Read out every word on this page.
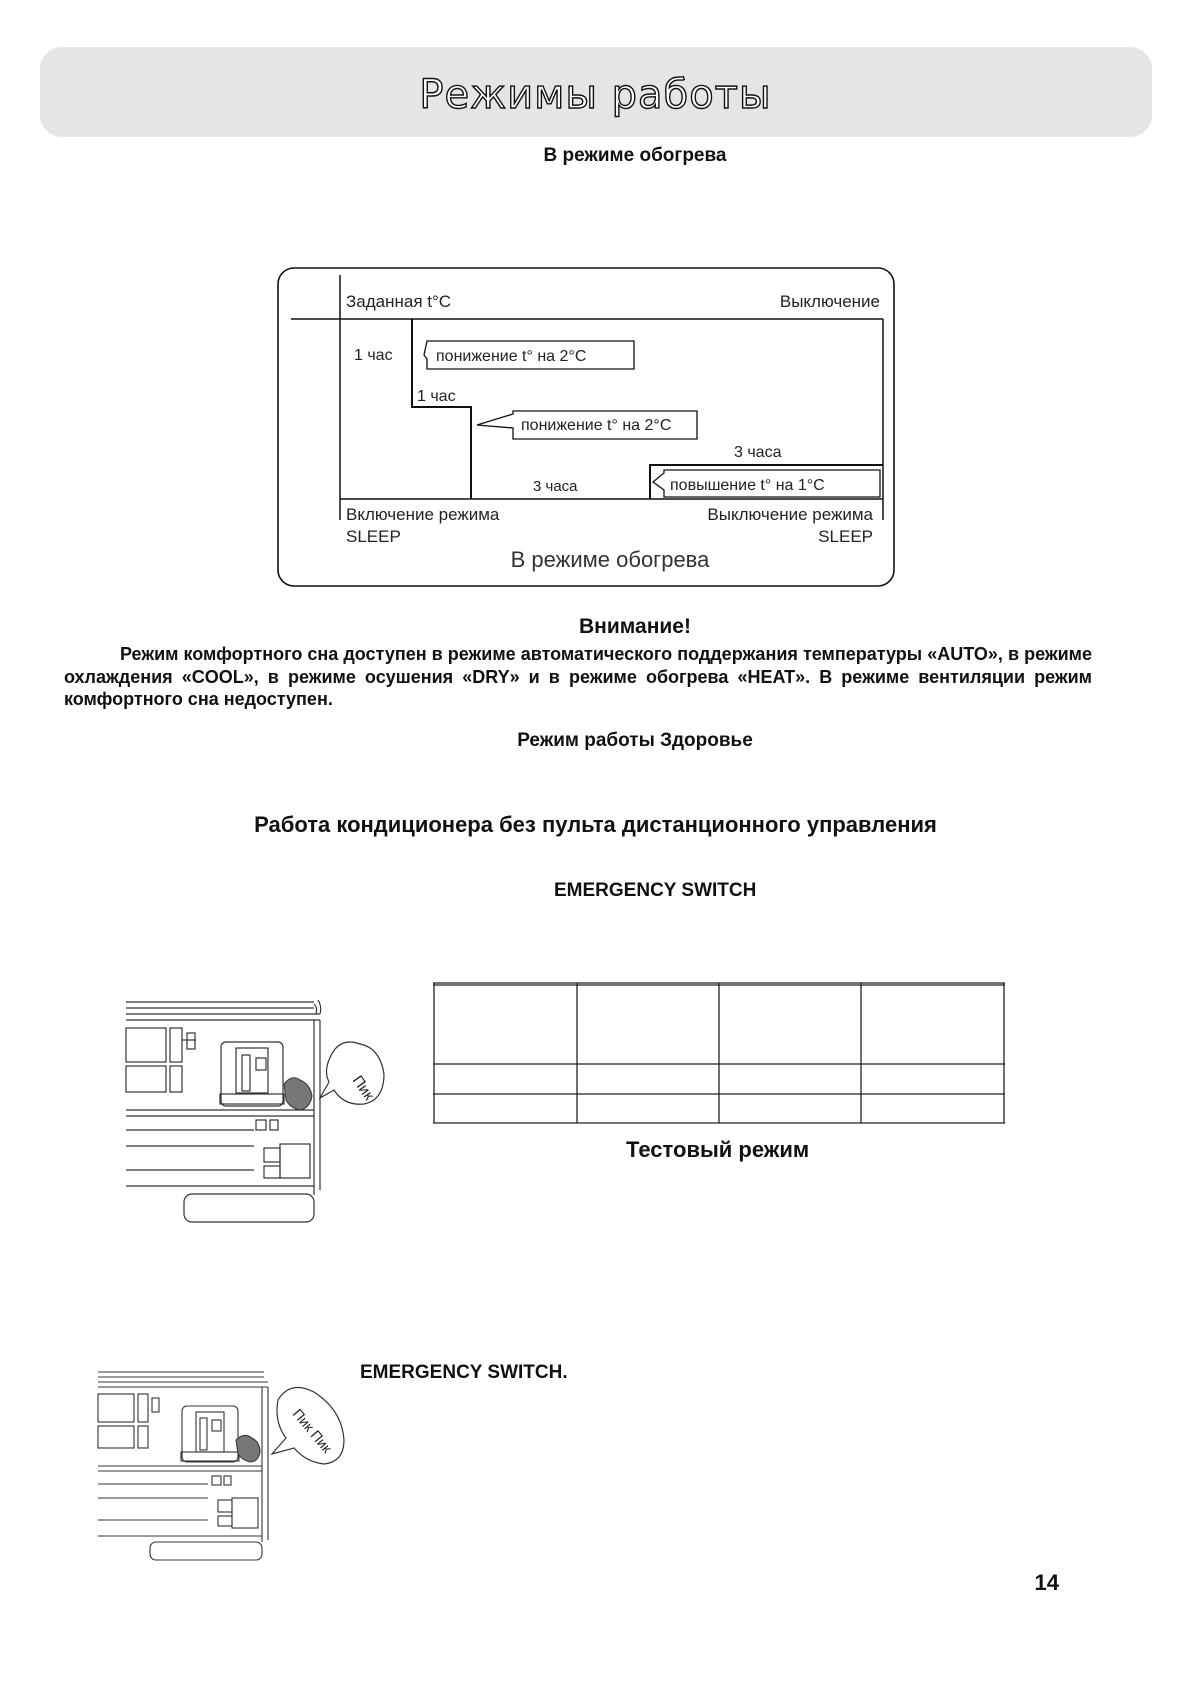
Режимы работы
В режиме обогрева
Заданная t°C	Выключение
1 час	понижение t° на 2°C
1 час
понижение t° на 2°C
3 часа
3 часа
повышение t° на 1°C
Включение режима
SLEEP
Выключение режима
SLEEP
В режиме обогрева
Внимание!
Режим комфортного сна доступен в режиме автоматического поддержания температуры «AUTO», в режиме охлаждения «COOL», в режиме осушения «DRY» и в режиме обогрева «HEAT». В режиме вентиляции режим комфортного сна недоступен.
Режим работы Здоровье
Работа кондиционера без пульта дистанционного управления
EMERGENCY SWITCH
Пик
Тестовый режим
Пик Пик
EMERGENCY SWITCH.
14
